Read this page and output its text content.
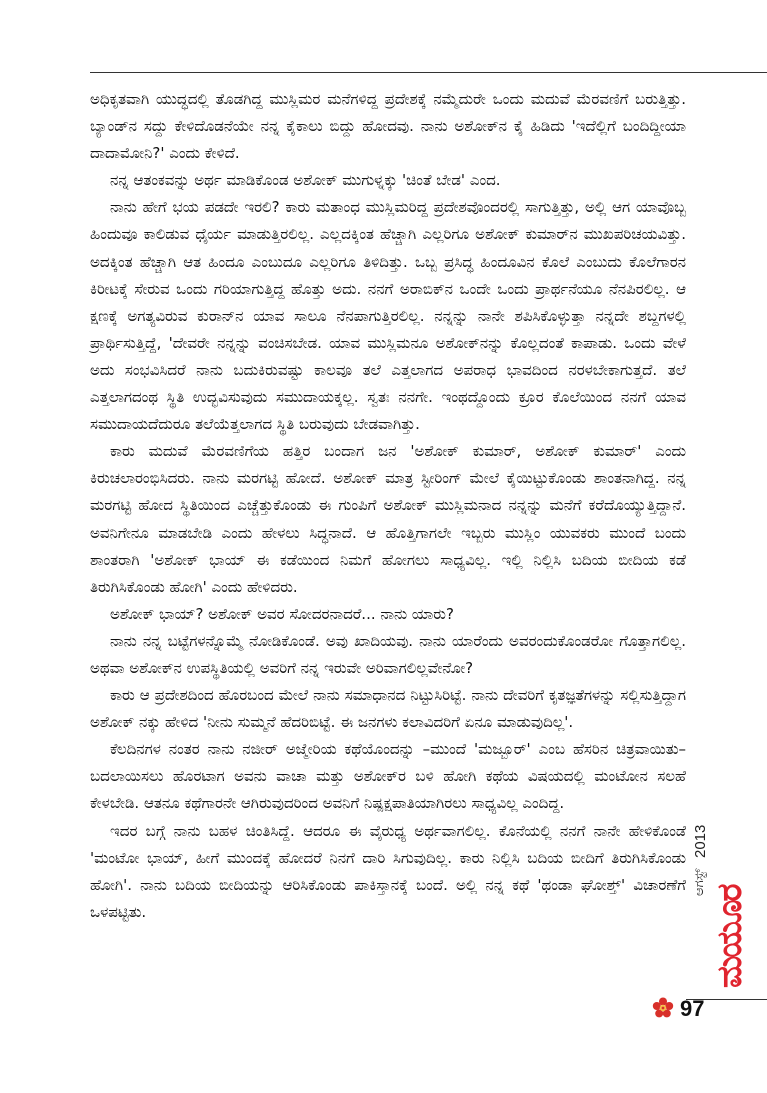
ಅಧಿಕೃತವಾಗಿ ಯುದ್ಧದಲ್ಲಿ ತೊಡಗಿದ್ದ ಮುಸ್ಲಿಮರ ಮನೆಗಳಿದ್ದ ಪ್ರದೇಶಕ್ಕೆ ನಮ್ಮೆದುರೇ ಒಂದು ಮದುವೆ ಮೆರವಣಿಗೆ ಬರುತ್ತಿತ್ತು. ಬ್ಯಾಂಡ್‌ನ ಸದ್ದು ಕೇಳಿದೊಡನೆಯೇ ನನ್ನ ಕೈಕಾಲು ಬಿದ್ದು ಹೋದವು. ನಾನು ಅಶೋಕ್‌ನ ಕೈ ಹಿಡಿದು 'ಇದೆಲ್ಲಿಗೆ ಬಂದಿದ್ದೀಯಾ ದಾದಾಮೋನಿ?' ಎಂದು ಕೇಳಿದೆ.

ನನ್ನ ಆತಂಕವನ್ನು ಅರ್ಥ ಮಾಡಿಕೊಂಡ ಅಶೋಕ್ ಮುಗುಳ್ನಕ್ಕು 'ಚಿಂತೆ ಬೇಡ' ಎಂದ.

ನಾನು ಹೇಗೆ ಭಯ ಪಡದೇ ಇರಲಿ? ಕಾರು ಮತಾಂಧ ಮುಸ್ಲಿಮರಿದ್ದ ಪ್ರದೇಶವೊಂದರಲ್ಲಿ ಸಾಗುತ್ತಿತ್ತು, ಅಲ್ಲಿ ಆಗ ಯಾವೊಬ್ಬ ಹಿಂದುವೂ ಕಾಲಿಡುವ ಧೈರ್ಯ ಮಾಡುತ್ತಿರಲಿಲ್ಲ. ಎಲ್ಲದಕ್ಕಿಂತ ಹೆಚ್ಚಾಗಿ ಎಲ್ಲರಿಗೂ ಅಶೋಕ್ ಕುಮಾರ್‌ನ ಮುಖಪರಿಚಯವಿತ್ತು. ಅದಕ್ಕಿಂತ ಹೆಚ್ಚಾಗಿ ಆತ ಹಿಂದೂ ಎಂಬುದೂ ಎಲ್ಲರಿಗೂ ತಿಳಿದಿತ್ತು. ಒಬ್ಬ ಪ್ರಸಿದ್ಧ ಹಿಂದೂವಿನ ಕೊಲೆ ಎಂಬುದು ಕೊಲೆಗಾರನ ಕಿರೀಟಕ್ಕೆ ಸೇರುವ ಒಂದು ಗರಿಯಾಗುತ್ತಿದ್ದ ಹೊತ್ತು ಅದು. ನನಗೆ ಅರಾಬಿಕ್‌ನ ಒಂದೇ ಒಂದು ಪ್ರಾರ್ಥನೆಯೂ ನೆನಪಿರಲಿಲ್ಲ. ಆ ಕ್ಷಣಕ್ಕೆ ಅಗತ್ಯವಿರುವ ಕುರಾನ್‌ನ ಯಾವ ಸಾಲೂ ನೆನಪಾಗುತ್ತಿರಲಿಲ್ಲ. ನನ್ನನ್ನು ನಾನೇ ಶಪಿಸಿಕೊಳ್ಳುತ್ತಾ ನನ್ನದೇ ಶಬ್ದಗಳಲ್ಲಿ ಪ್ರಾರ್ಥಿಸುತ್ತಿದ್ದೆ, 'ದೇವರೇ ನನ್ನನ್ನು ವಂಚಿಸಬೇಡ. ಯಾವ ಮುಸ್ಲಿಮನೂ ಅಶೋಕ್‌ನನ್ನು ಕೊಲ್ಲದಂತೆ ಕಾಪಾಡು. ಒಂದು ವೇಳೆ ಅದು ಸಂಭವಿಸಿದರೆ ನಾನು ಬದುಕಿರುವಷ್ಟು ಕಾಲವೂ ತಲೆ ಎತ್ತಲಾಗದ ಅಪರಾಧ ಭಾವದಿಂದ ನರಳಬೇಕಾಗುತ್ತದೆ. ತಲೆ ಎತ್ತಲಾಗದಂಥ ಸ್ಥಿತಿ ಉದ್ಭವಿಸುವುದು ಸಮುದಾಯಕ್ಕಲ್ಲ. ಸ್ವತಃ ನನಗೇ. ಇಂಥದ್ದೊಂದು ಕ್ರೂರ ಕೊಲೆಯಿಂದ ನನಗೆ ಯಾವ ಸಮುದಾಯದೆದುರೂ ತಲೆಯೆತ್ತಲಾಗದ ಸ್ಥಿತಿ ಬರುವುದು ಬೇಡವಾಗಿತ್ತು.

ಕಾರು ಮದುವೆ ಮೆರವಣಿಗೆಯ ಹತ್ತಿರ ಬಂದಾಗ ಜನ 'ಅಶೋಕ್ ಕುಮಾರ್, ಅಶೋಕ್ ಕುಮಾರ್' ಎಂದು ಕಿರುಚಲಾರಂಭಿಸಿದರು. ನಾನು ಮರಗಟ್ಟಿ ಹೋದೆ. ಅಶೋಕ್ ಮಾತ್ರ ಸ್ಟೀರಿಂಗ್ ಮೇಲೆ ಕೈಯಿಟ್ಟುಕೊಂಡು ಶಾಂತನಾಗಿದ್ದ. ನನ್ನ ಮರಗಟ್ಟಿ ಹೋದ ಸ್ಥಿತಿಯಿಂದ ಎಚ್ಚೆತ್ತುಕೊಂಡು ಈ ಗುಂಪಿಗೆ ಅಶೋಕ್ ಮುಸ್ಲಿಮನಾದ ನನ್ನನ್ನು ಮನೆಗೆ ಕರೆದೊಯ್ಯುತ್ತಿದ್ದಾನೆ. ಅವನಿಗೇನೂ ಮಾಡಬೇಡಿ ಎಂದು ಹೇಳಲು ಸಿದ್ಧನಾದೆ. ಆ ಹೊತ್ತಿಗಾಗಲೇ ಇಬ್ಬರು ಮುಸ್ಲಿಂ ಯುವಕರು ಮುಂದೆ ಬಂದು ಶಾಂತರಾಗಿ 'ಅಶೋಕ್ ಭಾಯ್ ಈ ಕಡೆಯಿಂದ ನಿಮಗೆ ಹೋಗಲು ಸಾಧ್ಯವಿಲ್ಲ. ಇಲ್ಲಿ ನಿಲ್ಲಿಸಿ ಬದಿಯ ಬೀದಿಯ ಕಡೆ ತಿರುಗಿಸಿಕೊಂಡು ಹೋಗಿ' ಎಂದು ಹೇಳಿದರು.

ಅಶೋಕ್ ಭಾಯ್? ಅಶೋಕ್ ಅವರ ಸೋದರನಾದರೆ... ನಾನು ಯಾರು?

ನಾನು ನನ್ನ ಬಟ್ಟೆಗಳನ್ನೊಮ್ಮೆ ನೋಡಿಕೊಂಡೆ. ಅವು ಖಾದಿಯವು. ನಾನು ಯಾರೆಂದು ಅವರಂದುಕೊಂಡರೋ ಗೊತ್ತಾಗಲಿಲ್ಲ. ಅಥವಾ ಅಶೋಕ್‌ನ ಉಪಸ್ಥಿತಿಯಲ್ಲಿ ಅವರಿಗೆ ನನ್ನ ಇರುವೇ ಅರಿವಾಗಲಿಲ್ಲವೇನೋ?

ಕಾರು ಆ ಪ್ರದೇಶದಿಂದ ಹೊರಬಂದ ಮೇಲೆ ನಾನು ಸಮಾಧಾನದ ನಿಟ್ಟುಸಿರಿಟ್ಟೆ. ನಾನು ದೇವರಿಗೆ ಕೃತಜ್ಞತೆಗಳನ್ನು ಸಲ್ಲಿಸುತ್ತಿದ್ದಾಗ ಅಶೋಕ್ ನಕ್ಕು ಹೇಳಿದ 'ನೀನು ಸುಮ್ಮನೆ ಹೆದರಿಬಿಟ್ಟೆ. ಈ ಜನಗಳು ಕಲಾವಿದರಿಗೆ ಏನೂ ಮಾಡುವುದಿಲ್ಲ'.

ಕೆಲದಿನಗಳ ನಂತರ ನಾನು ನಜೀರ್ ಅಜ್ಮೇರಿಯ ಕಥೆಯೊಂದನ್ನು –ಮುಂದೆ 'ಮಜ್ಬೂರ್' ಎಂಬ ಹೆಸರಿನ ಚಿತ್ರವಾಯಿತು– ಬದಲಾಯಿಸಲು ಹೊರಟಾಗ ಅವನು ವಾಚಾ ಮತ್ತು ಅಶೋಕ್‌ರ ಬಳಿ ಹೋಗಿ ಕಥೆಯ ವಿಷಯದಲ್ಲಿ ಮಂಟೋನ ಸಲಹೆ ಕೇಳಬೇಡಿ. ಆತನೂ ಕಥೆಗಾರನೇ ಆಗಿರುವುದರಿಂದ ಅವನಿಗೆ ನಿಷ್ಪಕ್ಷಪಾತಿಯಾಗಿರಲು ಸಾಧ್ಯವಿಲ್ಲ ಎಂದಿದ್ದ.

ಇದರ ಬಗ್ಗೆ ನಾನು ಬಹಳ ಚಿಂತಿಸಿದ್ದೆ. ಆದರೂ ಈ ವೈರುಧ್ಯ ಅರ್ಥವಾಗಲಿಲ್ಲ. ಕೊನೆಯಲ್ಲಿ ನನಗೆ ನಾನೇ ಹೇಳಿಕೊಂಡೆ 'ಮಂಟೋ ಭಾಯ್, ಹೀಗೆ ಮುಂದಕ್ಕೆ ಹೋದರೆ ನಿನಗೆ ದಾರಿ ಸಿಗುವುದಿಲ್ಲ. ಕಾರು ನಿಲ್ಲಿಸಿ ಬದಿಯ ಬೀದಿಗೆ ತಿರುಗಿಸಿಕೊಂಡು ಹೋಗಿ'. ನಾನು ಬದಿಯ ಬೀದಿಯನ್ನು ಆರಿಸಿಕೊಂಡು ಪಾಕಿಸ್ತಾನಕ್ಕೆ ಬಂದೆ. ಅಲ್ಲಿ ನನ್ನ ಕಥೆ 'ಥಂಡಾ ಘೋಶ್ತ್' ವಿಚಾರಣೆಗೆ ಒಳಪಟ್ಟಿತು.

2013
ಆಗಸ್ಟ್
ಮಯೂರ
97
